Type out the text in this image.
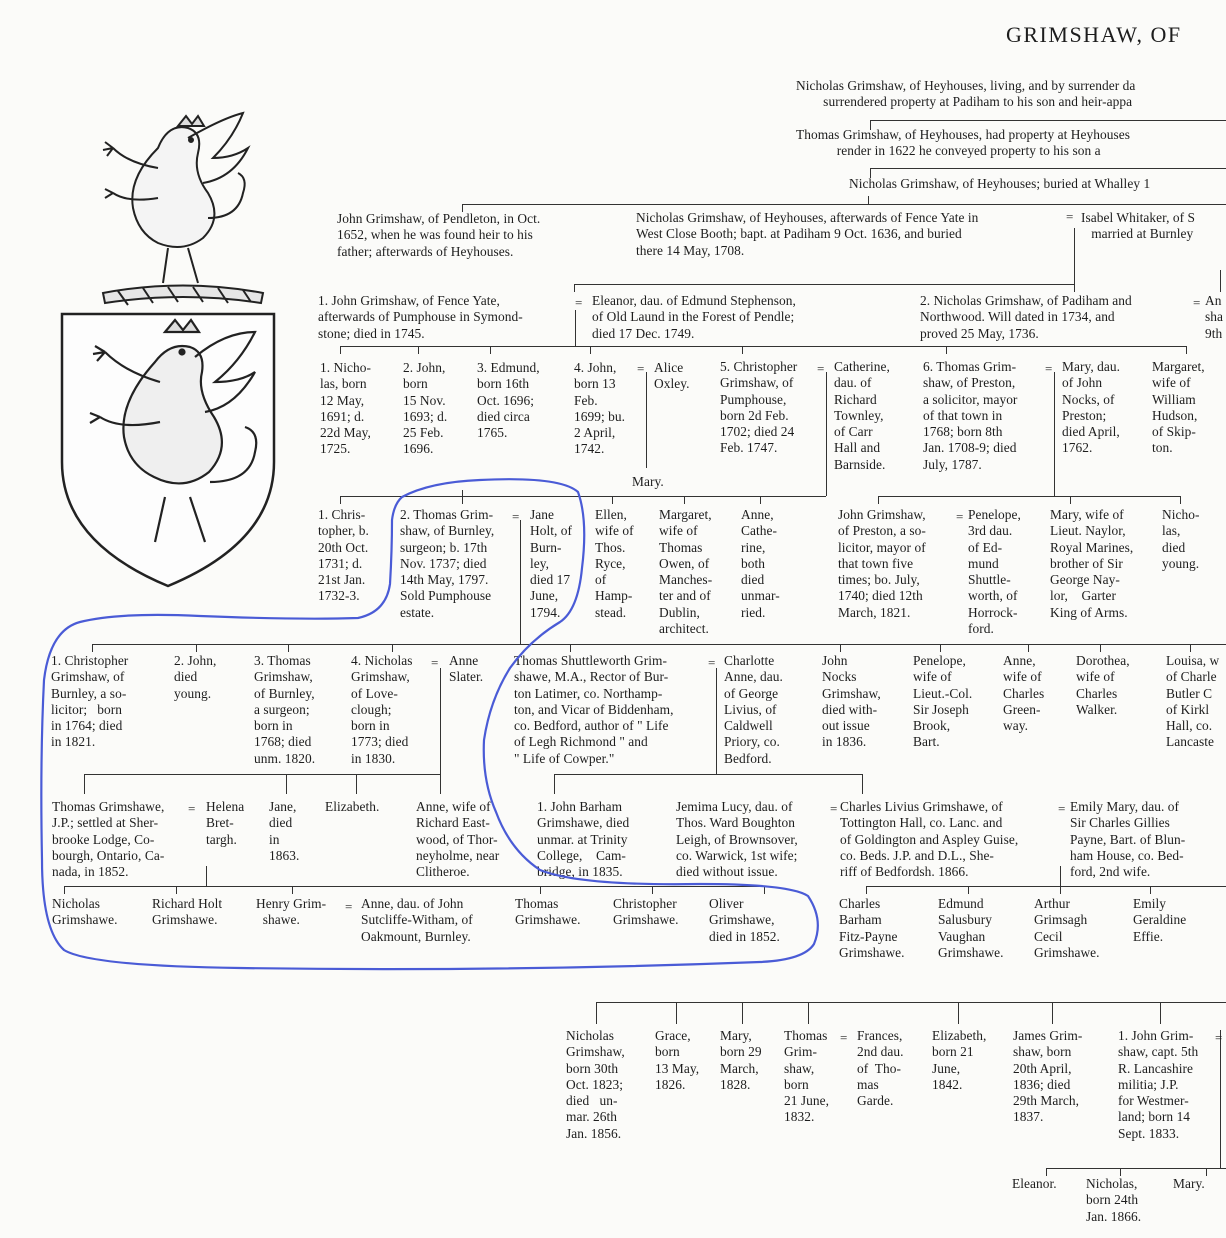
GRIMSHAW, OF
=
=	=
=	=	=
=	=
=	=
=	=	=
=
=	=
Nicholas Grimshaw, of Heyhouses, living, and by surrender da
surrendered property at Padiham to his son and heir-appa
Thomas Grimshaw, of Heyhouses, had property at Heyhouses
render in 1622 he conveyed property to his son a
Nicholas Grimshaw, of Heyhouses; buried at Whalley 1
John Grimshaw, of Pendleton, in Oct.
1652, when he was found heir to his
father; afterwards of Heyhouses.
Nicholas Grimshaw, of Heyhouses, afterwards of Fence Yate in
West Close Booth; bapt. at Padiham 9 Oct. 1636, and buried
there 14 May, 1708.
Isabel Whitaker, of S
married at Burnley
1. John Grimshaw, of Fence Yate,
afterwards of Pumphouse in Symond-
stone; died in 1745.
Eleanor, dau. of Edmund Stephenson,
of Old Laund in the Forest of Pendle;
died 17 Dec. 1749.
2. Nicholas Grimshaw, of Padiham and
Northwood. Will dated in 1734, and
proved 25 May, 1736.
An
sha
9th
1. Nicho-
las, born
12 May,
1691; d.
22d May,
1725.
2. John,
born
15 Nov.
1693; d.
25 Feb.
1696.
3. Edmund,
born 16th
Oct. 1696;
died circa
1765.
4. John,
born 13
Feb.
1699; bu.
2 April,
1742.
Alice
Oxley.
Mary.
5. Christopher
Grimshaw, of
Pumphouse,
born 2d Feb.
1702; died 24
Feb. 1747.
Catherine,
dau. of
Richard
Townley,
of Carr
Hall and
Barnside.
6. Thomas Grim-
shaw, of Preston,
a solicitor, mayor
of that town in
1768; born 8th
Jan. 1708-9; died
July, 1787.
Mary, dau.
of John
Nocks, of
Preston;
died April,
1762.
Margaret,
wife of
William
Hudson,
of Skip-
ton.
1. Chris-
topher, b.
20th Oct.
1731; d.
21st Jan.
1732-3.
2. Thomas Grim-
shaw, of Burnley,
surgeon; b. 17th
Nov. 1737; died
14th May, 1797.
Sold Pumphouse
estate.
Jane
Holt, of
Burn-
ley,
died 17
June,
1794.
Ellen,
wife of
Thos.
Ryce,
of
Hamp-
stead.
Margaret,
wife of
Thomas
Owen, of
Manches-
ter and of
Dublin,
architect.
Anne,
Cathe-
rine,
both
died
unmar-
ried.
John Grimshaw,
of Preston, a so-
licitor, mayor of
that town five
times; bo. July,
1740; died 12th
March, 1821.
Penelope,
3rd dau.
of Ed-
mund
Shuttle-
worth, of
Horrock-
ford.
Mary, wife of
Lieut. Naylor,
Royal Marines,
brother of Sir
George Nay-
lor,    Garter
King of Arms.
Nicho-
las,
died
young.
1. Christopher
Grimshaw, of
Burnley, a so-
licitor;   born
in 1764; died
in 1821.
2. John,
died
young.
3. Thomas
Grimshaw,
of Burnley,
a surgeon;
born in
1768; died
unm. 1820.
4. Nicholas
Grimshaw,
of Love-
clough;
born in
1773; died
in 1830.
Anne
Slater.
Thomas Shuttleworth Grim-
shawe, M.A., Rector of Bur-
ton Latimer, co. Northamp-
ton, and Vicar of Biddenham,
co. Bedford, author of " Life
of Legh Richmond " and
" Life of Cowper."
Charlotte
Anne, dau.
of George
Livius, of
Caldwell
Priory, co.
Bedford.
John
Nocks
Grimshaw,
died with-
out issue
in 1836.
Penelope,
wife of
Lieut.-Col.
Sir Joseph
Brook,
Bart.
Anne,
wife of
Charles
Green-
way.
Dorothea,
wife of
Charles
Walker.
Louisa, w
of Charle
Butler C
of Kirkl
Hall, co.
Lancaste
Thomas Grimshawe,
J.P.; settled at Sher-
brooke Lodge, Co-
bourgh, Ontario, Ca-
nada, in 1852.
Helena
Bret-
targh.
Jane,
died
in
1863.
Elizabeth.	Anne, wife of
Richard East-
wood, of Thor-
neyholme, near
Clitheroe.
1. John Barham
Grimshawe, died
unmar. at Trinity
College,    Cam-
bridge, in 1835.
Jemima Lucy, dau. of
Thos. Ward Boughton
Leigh, of Brownsover,
co. Warwick, 1st wife;
died without issue.
Charles Livius Grimshawe, of
Tottington Hall, co. Lanc. and
of Goldington and Aspley Guise,
co. Beds. J.P. and D.L., She-
riff of Bedfordsh. 1866.
Emily Mary, dau. of
Sir Charles Gillies
Payne, Bart. of Blun-
ham House, co. Bed-
ford, 2nd wife.
Nicholas
Grimshawe.
Richard Holt
Grimshawe.
Henry Grim-
shawe.
Anne, dau. of John
Sutcliffe-Witham, of
Oakmount, Burnley.
Thomas
Grimshawe.
Christopher
Grimshawe.
Oliver
Grimshawe,
died in 1852.
Charles
Barham
Fitz-Payne
Grimshawe.
Edmund
Salusbury
Vaughan
Grimshawe.
Arthur
Grimsagh
Cecil
Grimshawe.
Emily
Geraldine
Effie.
Nicholas
Grimshaw,
born 30th
Oct. 1823;
died   un-
mar. 26th
Jan. 1856.
Grace,
born
13 May,
1826.
Mary,
born 29
March,
1828.
Thomas
Grim-
shaw,
born
21 June,
1832.
Frances,
2nd dau.
of  Tho-
mas
Garde.
Elizabeth,
born 21
June,
1842.
James Grim-
shaw, born
20th April,
1836; died
29th March,
1837.
1. John Grim-
shaw, capt. 5th
R. Lancashire
militia; J.P.
for Westmer-
land; born 14
Sept. 1833.
Eleanor. Nicholas,
born 24th
Jan. 1866.
Mary.
